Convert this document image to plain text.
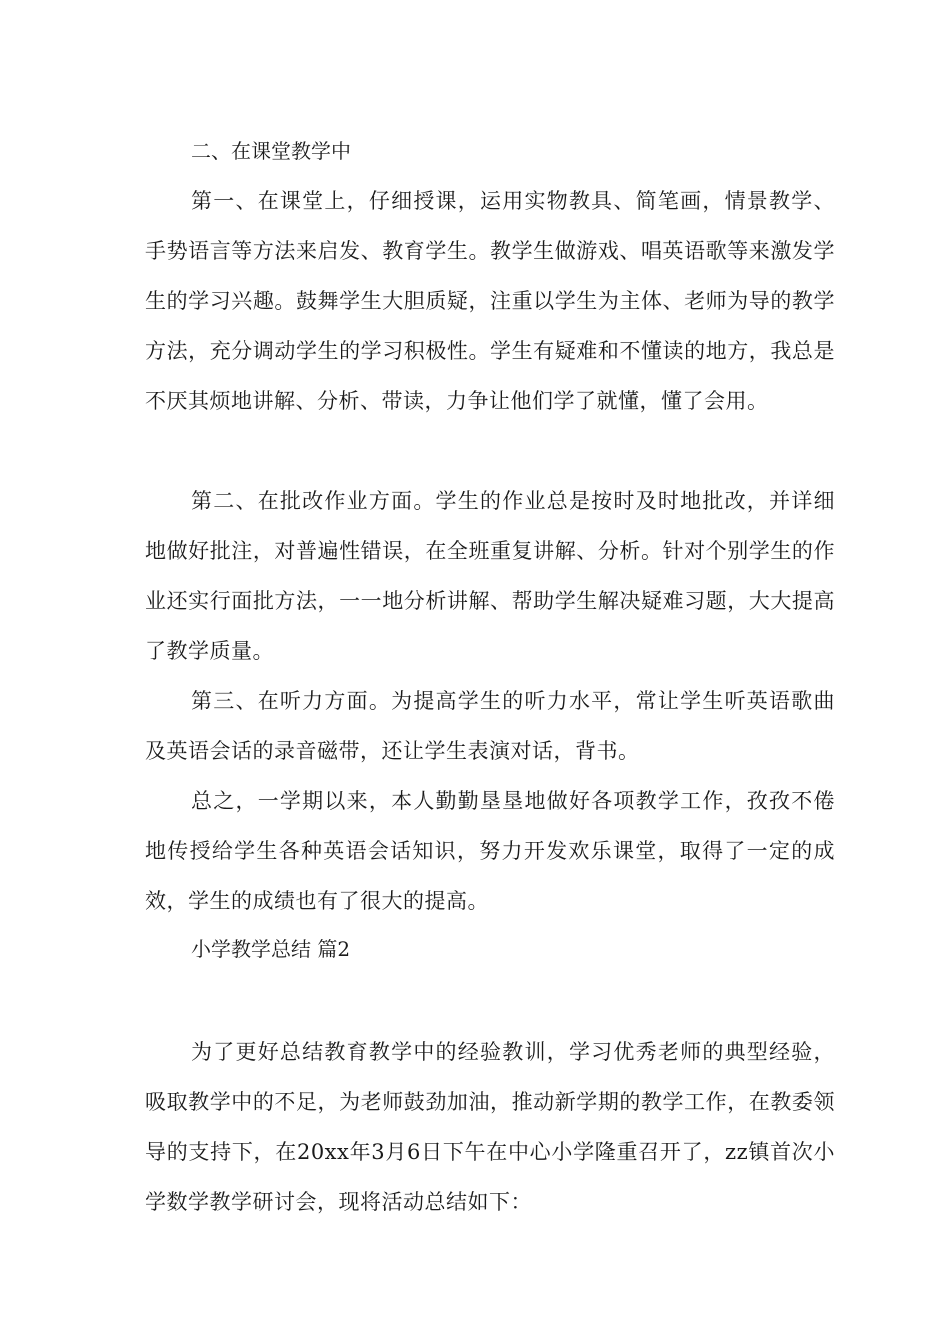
二、在课堂教学中

第一、在课堂上，仔细授课，运用实物教具、简笔画，情景教学、手势语言等方法来启发、教育学生。教学生做游戏、唱英语歌等来激发学生的学习兴趣。鼓舞学生大胆质疑，注重以学生为主体、老师为导的教学方法，充分调动学生的学习积极性。学生有疑难和不懂读的地方，我总是不厌其烦地讲解、分析、带读，力争让他们学了就懂，懂了会用。

第二、在批改作业方面。学生的作业总是按时及时地批改，并详细地做好批注，对普遍性错误，在全班重复讲解、分析。针对个别学生的作业还实行面批方法，一一地分析讲解、帮助学生解决疑难习题，大大提高了教学质量。

第三、在听力方面。为提高学生的听力水平，常让学生听英语歌曲及英语会话的录音磁带，还让学生表演对话，背书。

总之，一学期以来，本人勤勤垦垦地做好各项教学工作，孜孜不倦地传授给学生各种英语会话知识，努力开发欢乐课堂，取得了一定的成效，学生的成绩也有了很大的提高。

小学教学总结 篇2

为了更好总结教育教学中的经验教训，学习优秀老师的典型经验，吸取教学中的不足，为老师鼓劲加油，推动新学期的教学工作，在教委领导的支持下，在20xx年3月6日下午在中心小学隆重召开了，zz镇首次小学数学教学研讨会，现将活动总结如下：
